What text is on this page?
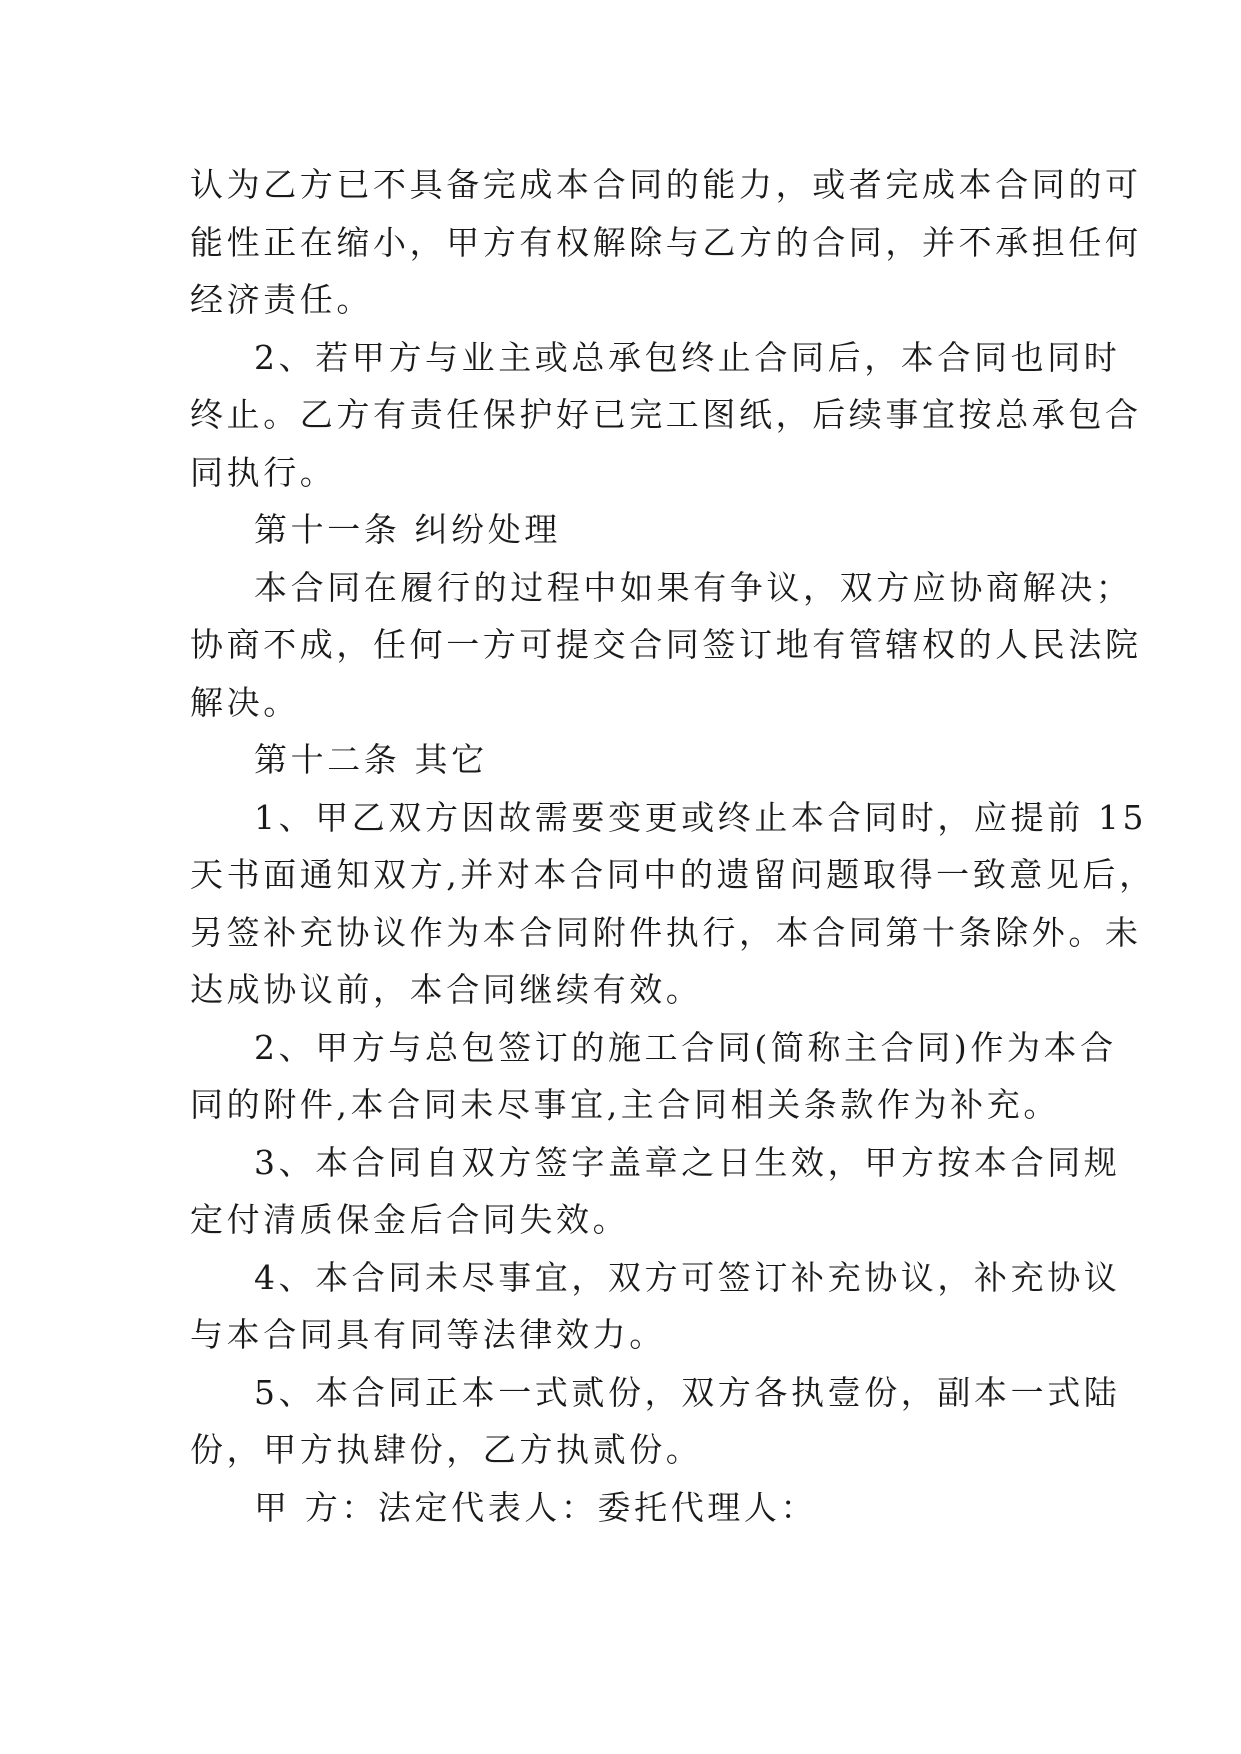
认为乙方已不具备完成本合同的能力，或者完成本合同的可
能性正在缩小，甲方有权解除与乙方的合同，并不承担任何
经济责任。
2、若甲方与业主或总承包终止合同后，本合同也同时
终止。乙方有责任保护好已完工图纸，后续事宜按总承包合
同执行。
第十一条 纠纷处理
本合同在履行的过程中如果有争议，双方应协商解决；
协商不成，任何一方可提交合同签订地有管辖权的人民法院
解决。
第十二条 其它
1、甲乙双方因故需要变更或终止本合同时，应提前 15
天书面通知双方,并对本合同中的遗留问题取得一致意见后，
另签补充协议作为本合同附件执行，本合同第十条除外。未
达成协议前，本合同继续有效。
2、甲方与总包签订的施工合同(简称主合同)作为本合
同的附件,本合同未尽事宜,主合同相关条款作为补充。
3、本合同自双方签字盖章之日生效，甲方按本合同规
定付清质保金后合同失效。
4、本合同未尽事宜，双方可签订补充协议，补充协议
与本合同具有同等法律效力。
5、本合同正本一式贰份，双方各执壹份，副本一式陆
份，甲方执肆份，乙方执贰份。
甲 方：法定代表人：委托代理人：
